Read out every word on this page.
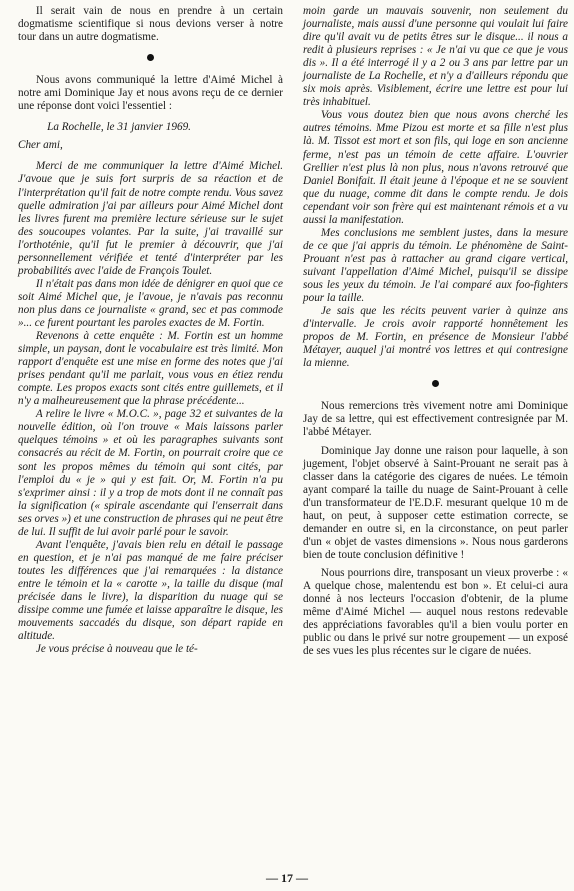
Il serait vain de nous en prendre à un certain dogmatisme scientifique si nous devions verser à notre tour dans un autre dogmatisme.

Nous avons communiqué la lettre d'Aimé Michel à notre ami Dominique Jay et nous avons reçu de ce dernier une réponse dont voici l'essentiel :

La Rochelle, le 31 janvier 1969.

Cher ami,

Merci de me communiquer la lettre d'Aimé Michel. J'avoue que je suis fort surpris de sa réaction et de l'interprétation qu'il fait de notre compte rendu. Vous savez quelle admiration j'ai par ailleurs pour Aimé Michel dont les livres furent ma première lecture sérieuse sur le sujet des soucoupes volantes. Par la suite, j'ai travaillé sur l'orthoténie, qu'il fut le premier à découvrir, que j'ai personnellement vérifiée et tenté d'interpréter par les probabilités avec l'aide de François Toulet.

Il n'était pas dans mon idée de dénigrer en quoi que ce soit Aimé Michel que, je l'avoue, je n'avais pas reconnu non plus dans ce journaliste « grand, sec et pas commode »... ce furent pourtant les paroles exactes de M. Fortin.

Revenons à cette enquête : M. Fortin est un homme simple, un paysan, dont le vocabulaire est très limité. Mon rapport d'enquête est une mise en forme des notes que j'ai prises pendant qu'il me parlait, vous vous en étiez rendu compte. Les propos exacts sont cités entre guillemets, et il n'y a malheureusement que la phrase précédente...

A relire le livre « M.O.C. », page 32 et suivantes de la nouvelle édition, où l'on trouve « Mais laissons parler quelques témoins » et où les paragraphes suivants sont consacrés au récit de M. Fortin, on pourrait croire que ce sont les propos mêmes du témoin qui sont cités, par l'emploi du « je » qui y est fait. Or, M. Fortin n'a pu s'exprimer ainsi : il y a trop de mots dont il ne connaît pas la signification (« spirale ascendante qui l'enserrait dans ses orves ») et une construction de phrases qui ne peut être de lui. Il suffit de lui avoir parlé pour le savoir.

Avant l'enquête, j'avais bien relu en détail le passage en question, et je n'ai pas manqué de me faire préciser toutes les différences que j'ai remarquées : la distance entre le témoin et la « carotte », la taille du disque (mal précisée dans le livre), la disparition du nuage qui se dissipe comme une fumée et laisse apparaître le disque, les mouvements saccadés du disque, son départ rapide en altitude.

Je vous précise à nouveau que le té-

moin garde un mauvais souvenir, non seulement du journaliste, mais aussi d'une personne qui voulait lui faire dire qu'il avait vu de petits êtres sur le disque... il nous a redit à plusieurs reprises : « Je n'ai vu que ce que je vous dis ». Il a été interrogé il y a 2 ou 3 ans par lettre par un journaliste de La Rochelle, et n'y a d'ailleurs répondu que six mois après. Visiblement, écrire une lettre est pour lui très inhabituel.

Vous vous doutez bien que nous avons cherché les autres témoins. Mme Pizou est morte et sa fille n'est plus là. M. Tissot est mort et son fils, qui loge en son ancienne ferme, n'est pas un témoin de cette affaire. L'ouvrier Grellier n'est plus là non plus, nous n'avons retrouvé que Daniel Bonifait. Il était jeune à l'époque et ne se souvient que du nuage, comme dit dans le compte rendu. Je dois cependant voir son frère qui est maintenant rémois et a vu aussi la manifestation.

Mes conclusions me semblent justes, dans la mesure de ce que j'ai appris du témoin. Le phénomène de Saint-Prouant n'est pas à rattacher au grand cigare vertical, suivant l'appellation d'Aimé Michel, puisqu'il se dissipe sous les yeux du témoin. Je l'ai comparé aux foo-fighters pour la taille.

Je sais que les récits peuvent varier à quinze ans d'intervalle. Je crois avoir rapporté honnêtement les propos de M. Fortin, en présence de Monsieur l'abbé Métayer, auquel j'ai montré vos lettres et qui contresigne la mienne.

Nous remercions très vivement notre ami Dominique Jay de sa lettre, qui est effectivement contresignée par M. l'abbé Métayer.

Dominique Jay donne une raison pour laquelle, à son jugement, l'objet observé à Saint-Prouant ne serait pas à classer dans la catégorie des cigares de nuées. Le témoin ayant comparé la taille du nuage de Saint-Prouant à celle d'un transformateur de l'E.D.F. mesurant quelque 10 m de haut, on peut, à supposer cette estimation correcte, se demander en outre si, en la circonstance, on peut parler d'un « objet de vastes dimensions ». Nous nous garderons bien de toute conclusion définitive !

Nous pourrions dire, transposant un vieux proverbe : « A quelque chose, malentendu est bon ». Et celui-ci aura donné à nos lecteurs l'occasion d'obtenir, de la plume même d'Aimé Michel — auquel nous restons redevable des appréciations favorables qu'il a bien voulu porter en public ou dans le privé sur notre groupement — un exposé de ses vues les plus récentes sur le cigare de nuées.

— 17 —
